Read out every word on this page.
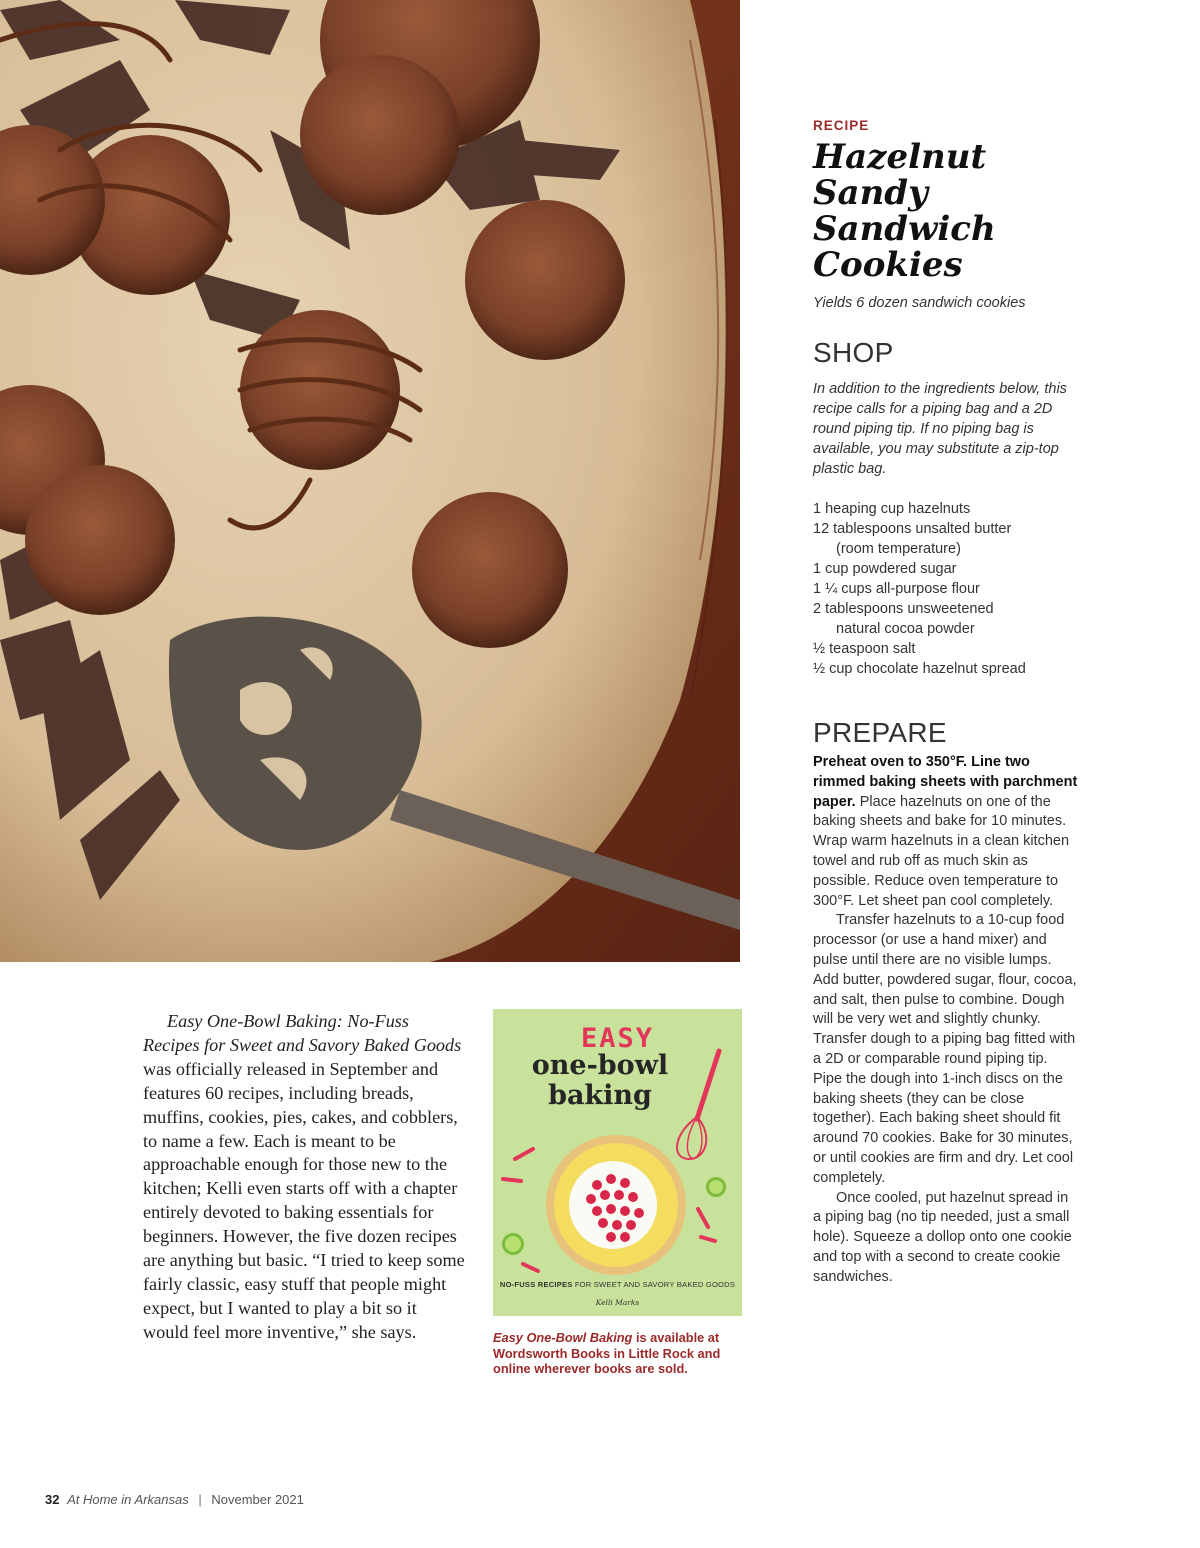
RECIPE
Hazelnut
Sandy
Sandwich
Cookies

Yields 6 dozen sandwich cookies

SHOP

In addition to the ingredients below, this recipe calls for a piping bag and a 2D round piping tip. If no piping bag is available, you may substitute a zip-top plastic bag.

1 heaping cup hazelnuts
12 tablespoons unsalted butter
(room temperature)
1 cup powdered sugar
1 ¼ cups all-purpose flour
2 tablespoons unsweetened
natural cocoa powder
½ teaspoon salt
½ cup chocolate hazelnut spread
PREPARE

Preheat oven to 350°F. Line two rimmed baking sheets with parchment paper. Place hazelnuts on one of the baking sheets and bake for 10 minutes. Wrap warm hazelnuts in a clean kitchen towel and rub off as much skin as possible. Reduce oven temperature to 300°F. Let sheet pan cool completely.

Transfer hazelnuts to a 10-cup food processor (or use a hand mixer) and pulse until there are no visible lumps. Add butter, powdered sugar, flour, cocoa, and salt, then pulse to combine. Dough will be very wet and slightly chunky. Transfer dough to a piping bag fitted with a 2D or comparable round piping tip. Pipe the dough into 1-inch discs on the baking sheets (they can be close together). Each baking sheet should fit around 70 cookies. Bake for 30 minutes, or until cookies are firm and dry. Let cool completely.

Once cooled, put hazelnut spread in a piping bag (no tip needed, just a small hole). Squeeze a dollop onto one cookie and top with a second to create cookie sandwiches.

Easy One-Bowl Baking: No-Fuss Recipes for Sweet and Savory Baked Goods was officially released in September and features 60 recipes, including breads, muffins, cookies, pies, cakes, and cobblers, to name a few. Each is meant to be approachable enough for those new to the kitchen; Kelli even starts off with a chapter entirely devoted to baking essentials for beginners. However, the five dozen recipes are anything but basic. “I tried to keep some fairly classic, easy stuff that people might expect, but I wanted to play a bit so it would feel more inventive,” she says.

EASY
one-bowl baking
NO-FUSS RECIPES FOR SWEET AND SAVORY BAKED GOODS
Kelli Marks

Easy One-Bowl Baking is available at Wordsworth Books in Little Rock and online wherever books are sold.

32 At Home in Arkansas | November 2021
